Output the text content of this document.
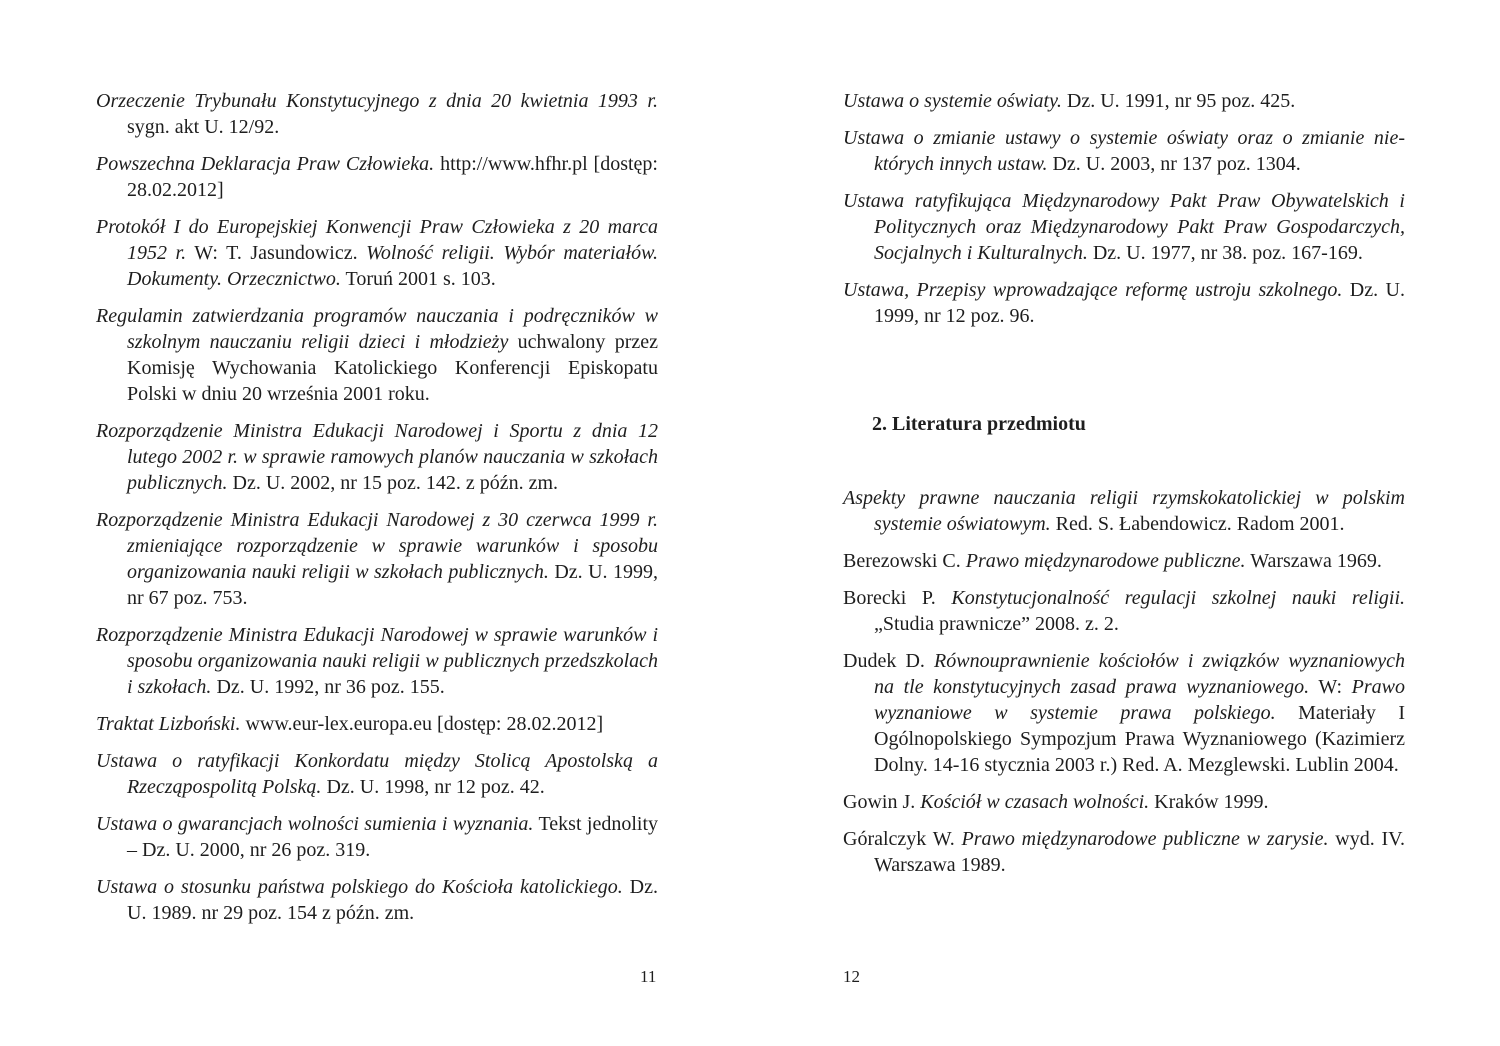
Orzeczenie Trybunału Konstytucyjnego z dnia 20 kwietnia 1993 r. sygn. akt U. 12/92.

Powszechna Deklaracja Praw Człowieka. http://www.hfhr.pl [dostęp: 28.02.2012]

Protokół I do Europejskiej Konwencji Praw Człowieka z 20 marca 1952 r. W: T. Jasundowicz. Wolność religii. Wybór materiałów. Dokumenty. Orzecznictwo. Toruń 2001 s. 103.

Regulamin zatwierdzania programów nauczania i podręczników w szkolnym nauczaniu religii dzieci i młodzieży uchwalony przez Komisję Wychowania Katolickiego Konferencji Episkopatu Polski w dniu 20 września 2001 roku.

Rozporządzenie Ministra Edukacji Narodowej i Sportu z dnia 12 lutego 2002 r. w sprawie ramowych planów nauczania w szkołach publicznych. Dz. U. 2002, nr 15 poz. 142. z późn. zm.

Rozporządzenie Ministra Edukacji Narodowej z 30 czerwca 1999 r. zmieniające rozporządzenie w sprawie warunków i sposobu organizowania nauki religii w szkołach publicznych. Dz. U. 1999, nr 67 poz. 753.

Rozporządzenie Ministra Edukacji Narodowej w sprawie warunków i sposobu organizowania nauki religii w publicznych przedszkolach i szkołach. Dz. U. 1992, nr 36 poz. 155.

Traktat Lizboński. www.eur-lex.europa.eu [dostęp: 28.02.2012]

Ustawa o ratyfikacji Konkordatu między Stolicą Apostolską a Rzecząpospolitą Polską. Dz. U. 1998, nr 12 poz. 42.

Ustawa o gwarancjach wolności sumienia i wyznania. Tekst jednolity – Dz. U. 2000, nr 26 poz. 319.

Ustawa o stosunku państwa polskiego do Kościoła katolickiego. Dz. U. 1989. nr 29 poz. 154 z późn. zm.

11

Ustawa o systemie oświaty. Dz. U. 1991, nr 95 poz. 425.

Ustawa o zmianie ustawy o systemie oświaty oraz o zmianie niektórych innych ustaw. Dz. U. 2003, nr 137 poz. 1304.

Ustawa ratyfikująca Międzynarodowy Pakt Praw Obywatelskich i Politycznych oraz Międzynarodowy Pakt Praw Gospodarczych, Socjalnych i Kulturalnych. Dz. U. 1977, nr 38. poz. 167-169.

Ustawa, Przepisy wprowadzające reformę ustroju szkolnego. Dz. U. 1999, nr 12 poz. 96.

2. Literatura przedmiotu

Aspekty prawne nauczania religii rzymskokatolickiej w polskim systemie oświatowym. Red. S. Łabendowicz. Radom 2001.

Berezowski C. Prawo międzynarodowe publiczne. Warszawa 1969.

Borecki P. Konstytucjonalność regulacji szkolnej nauki religii. „Studia prawnicze” 2008. z. 2.

Dudek D. Równouprawnienie kościołów i związków wyznaniowych na tle konstytucyjnych zasad prawa wyznaniowego. W: Prawo wyznaniowe w systemie prawa polskiego. Materiały I Ogólnopolskiego Sympozjum Prawa Wyznaniowego (Kazimierz Dolny. 14-16 stycznia 2003 r.) Red. A. Mezglewski. Lublin 2004.

Gowin J. Kościół w czasach wolności. Kraków 1999.

Góralczyk W. Prawo międzynarodowe publiczne w zarysie. wyd. IV. Warszawa 1989.

12
